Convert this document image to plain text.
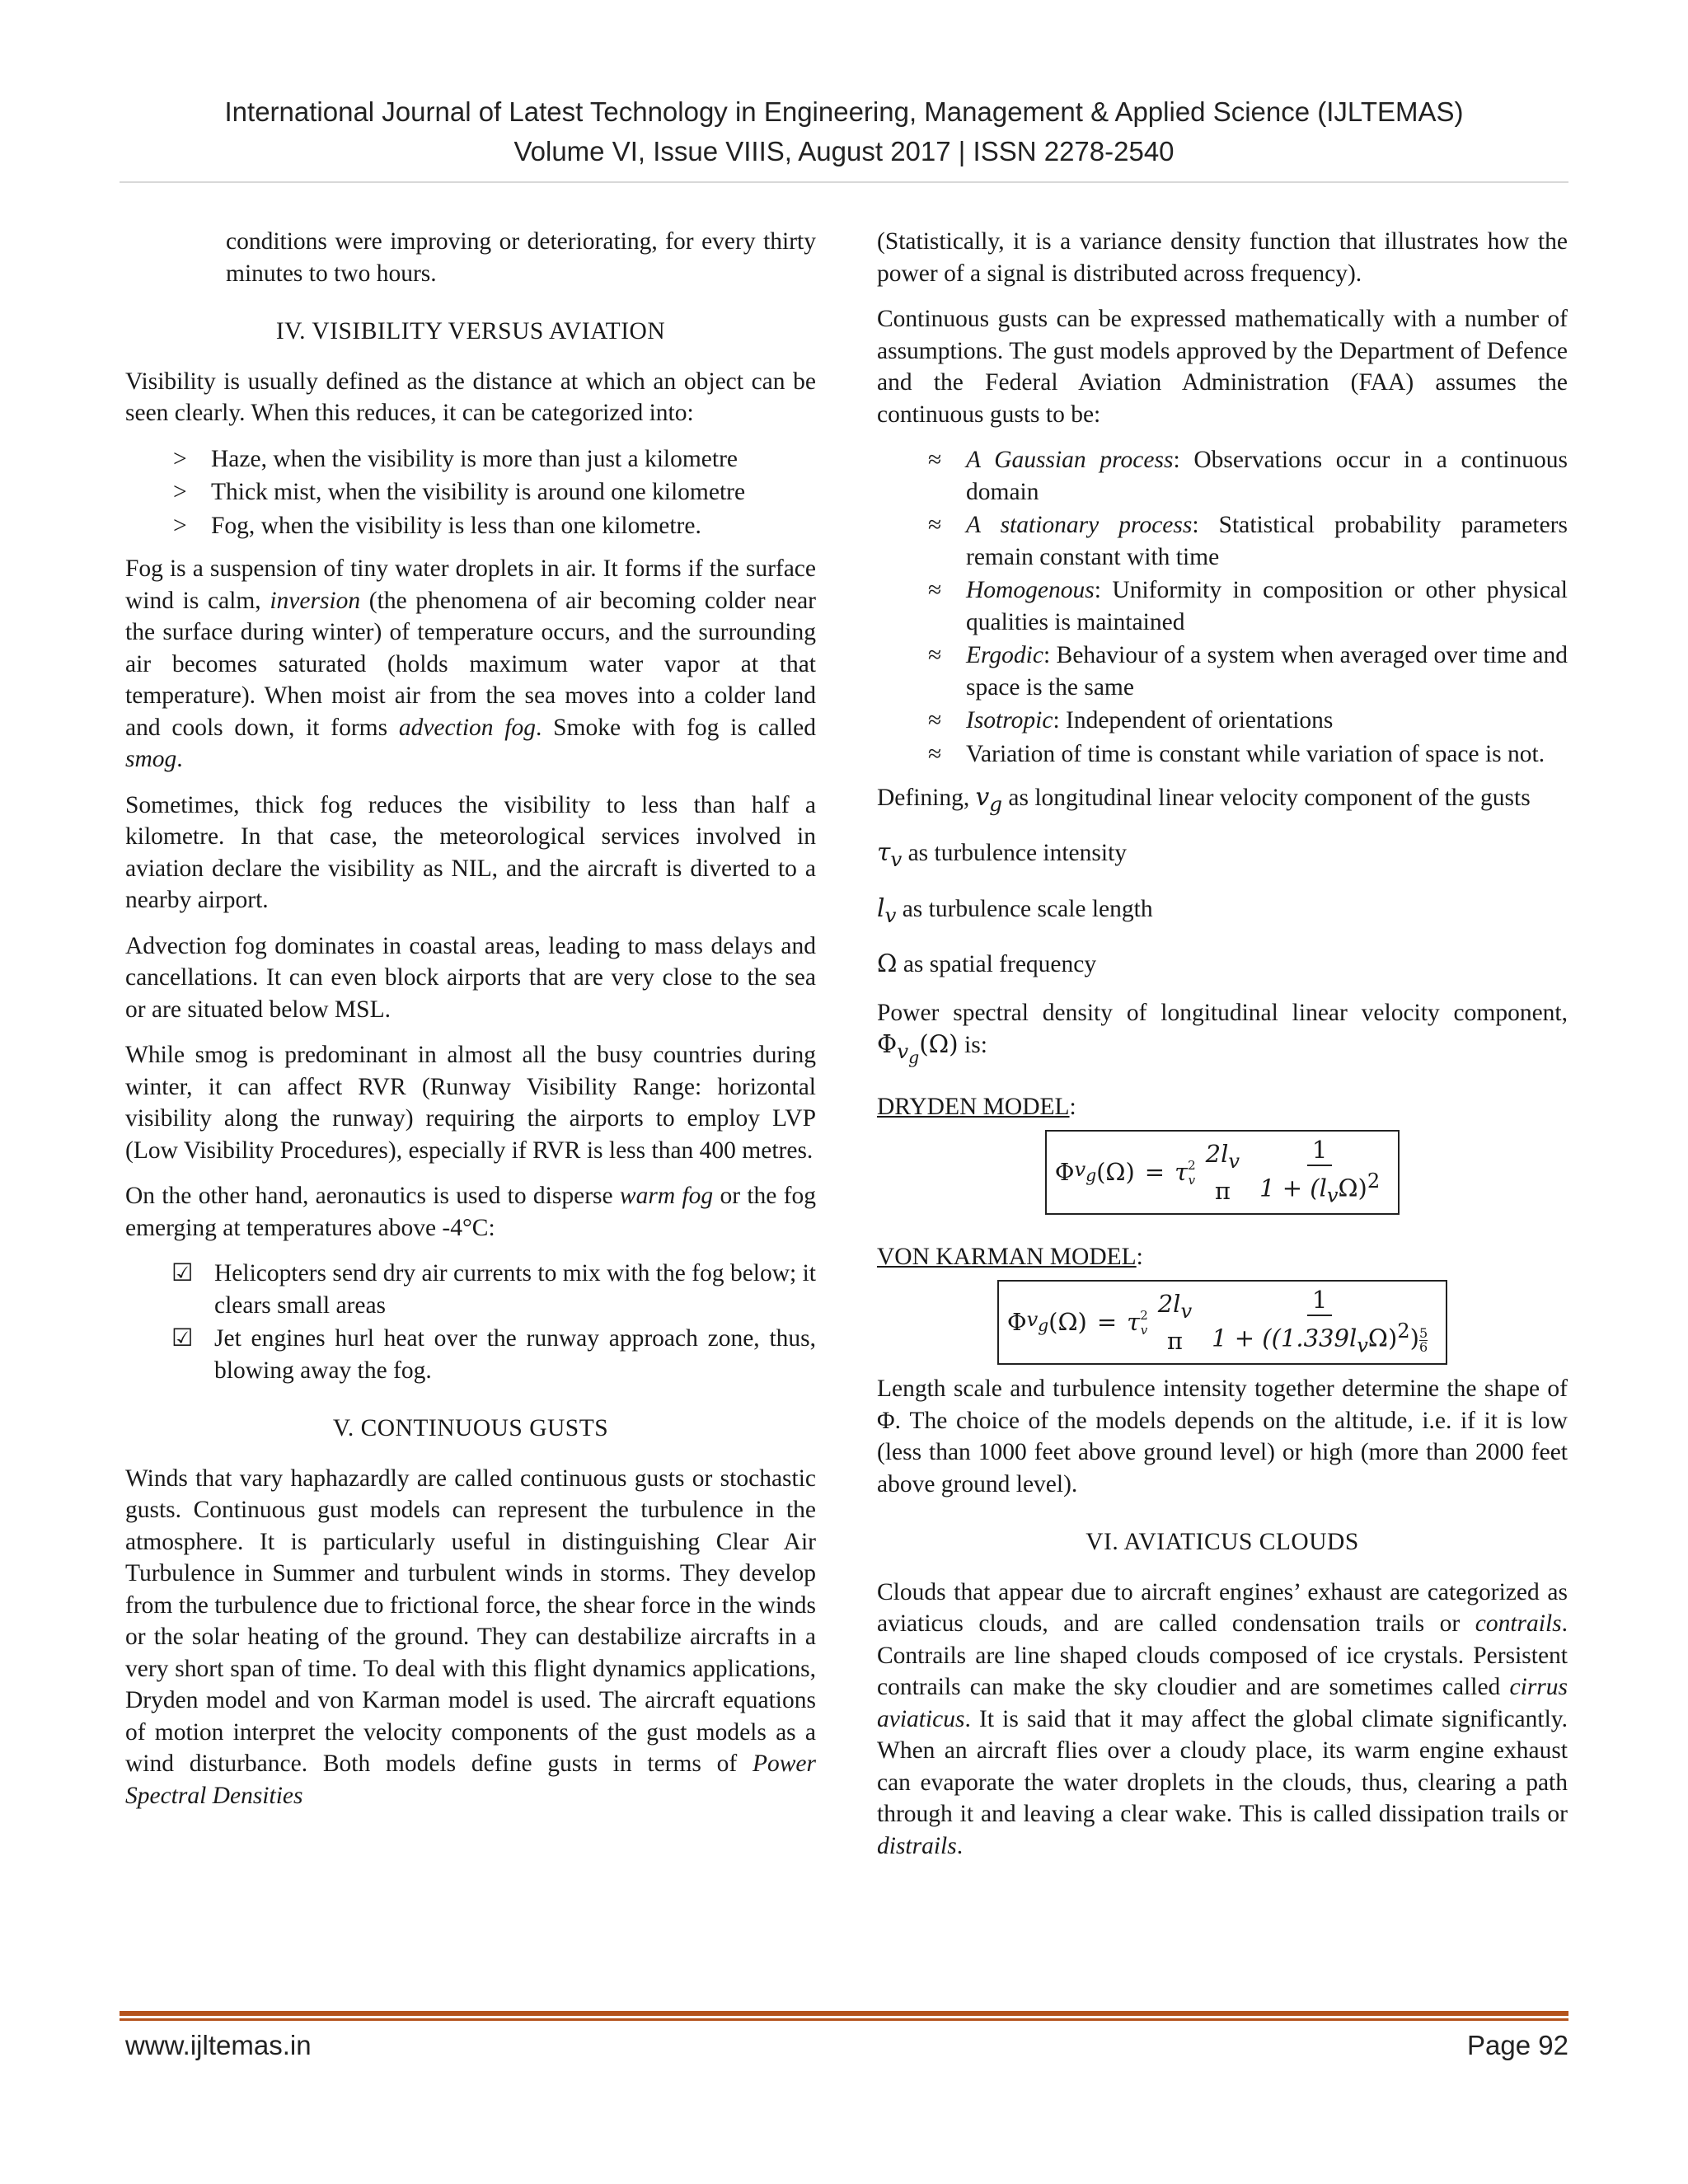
International Journal of Latest Technology in Engineering, Management & Applied Science (IJLTEMAS)
Volume VI, Issue VIIIS, August 2017 | ISSN 2278-2540

conditions were improving or deteriorating, for every thirty minutes to two hours.

IV. VISIBILITY VERSUS AVIATION

Visibility is usually defined as the distance at which an object can be seen clearly. When this reduces, it can be categorized into:

> Haze, when the visibility is more than just a kilometre
> Thick mist, when the visibility is around one kilometre
> Fog, when the visibility is less than one kilometre.

Fog is a suspension of tiny water droplets in air. It forms if the surface wind is calm, inversion (the phenomena of air becoming colder near the surface during winter) of temperature occurs, and the surrounding air becomes saturated (holds maximum water vapor at that temperature). When moist air from the sea moves into a colder land and cools down, it forms advection fog. Smoke with fog is called smog.

Sometimes, thick fog reduces the visibility to less than half a kilometre. In that case, the meteorological services involved in aviation declare the visibility as NIL, and the aircraft is diverted to a nearby airport.

Advection fog dominates in coastal areas, leading to mass delays and cancellations. It can even block airports that are very close to the sea or are situated below MSL.

While smog is predominant in almost all the busy countries during winter, it can affect RVR (Runway Visibility Range: horizontal visibility along the runway) requiring the airports to employ LVP (Low Visibility Procedures), especially if RVR is less than 400 metres.

On the other hand, aeronautics is used to disperse warm fog or the fog emerging at temperatures above -4°C:

☑ Helicopters send dry air currents to mix with the fog below; it clears small areas
☑ Jet engines hurl heat over the runway approach zone, thus, blowing away the fog.

V. CONTINUOUS GUSTS

Winds that vary haphazardly are called continuous gusts or stochastic gusts. Continuous gust models can represent the turbulence in the atmosphere. It is particularly useful in distinguishing Clear Air Turbulence in Summer and turbulent winds in storms. They develop from the turbulence due to frictional force, the shear force in the winds or the solar heating of the ground. They can destabilize aircrafts in a very short span of time. To deal with this flight dynamics applications, Dryden model and von Karman model is used. The aircraft equations of motion interpret the velocity components of the gust models as a wind disturbance. Both models define gusts in terms of Power Spectral Densities

(Statistically, it is a variance density function that illustrates how the power of a signal is distributed across frequency).

Continuous gusts can be expressed mathematically with a number of assumptions. The gust models approved by the Department of Defence and the Federal Aviation Administration (FAA) assumes the continuous gusts to be:

≈	A Gaussian process: Observations occur in a continuous domain
≈	A stationary process: Statistical probability parameters remain constant with time
≈	Homogenous: Uniformity in composition or other physical qualities is maintained
≈	Ergodic: Behaviour of a system when averaged over time and space is the same
≈	Isotropic: Independent of orientations
≈	Variation of time is constant while variation of space is not.

Defining, $v_g$ as longitudinal linear velocity component of the gusts

$\tau_v$ as turbulence intensity

$l_v$ as turbulence scale length

Ω as spatial frequency

Power spectral density of longitudinal linear velocity component, $\Phi_{v_g}(\Omega)$ is:

DRYDEN MODEL:

Φ $v_g$ (Ω) = τ 2
v
$2l_v$
π $\frac{1}{1 + (l_v\Omega)^2}$

VON KARMAN MODEL:

Φ $v_g$ (Ω) = τ 2
v
$2l_v$
π $\frac{1}{1 + ((1.339l_v\Omega)^2) \frac{5}{6}}$

Length scale and turbulence intensity together determine the shape of Φ. The choice of the models depends on the altitude, i.e. if it is low (less than 1000 feet above ground level) or high (more than 2000 feet above ground level).

VI. AVIATICUS CLOUDS

Clouds that appear due to aircraft engines’ exhaust are categorized as aviaticus clouds, and are called condensation trails or contrails. Contrails are line shaped clouds composed of ice crystals. Persistent contrails can make the sky cloudier and are sometimes called cirrus aviaticus. It is said that it may affect the global climate significantly. When an aircraft flies over a cloudy place, its warm engine exhaust can evaporate the water droplets in the clouds, thus, clearing a path through it and leaving a clear wake. This is called dissipation trails or distrails.

www.ijltemas.in	Page 92
